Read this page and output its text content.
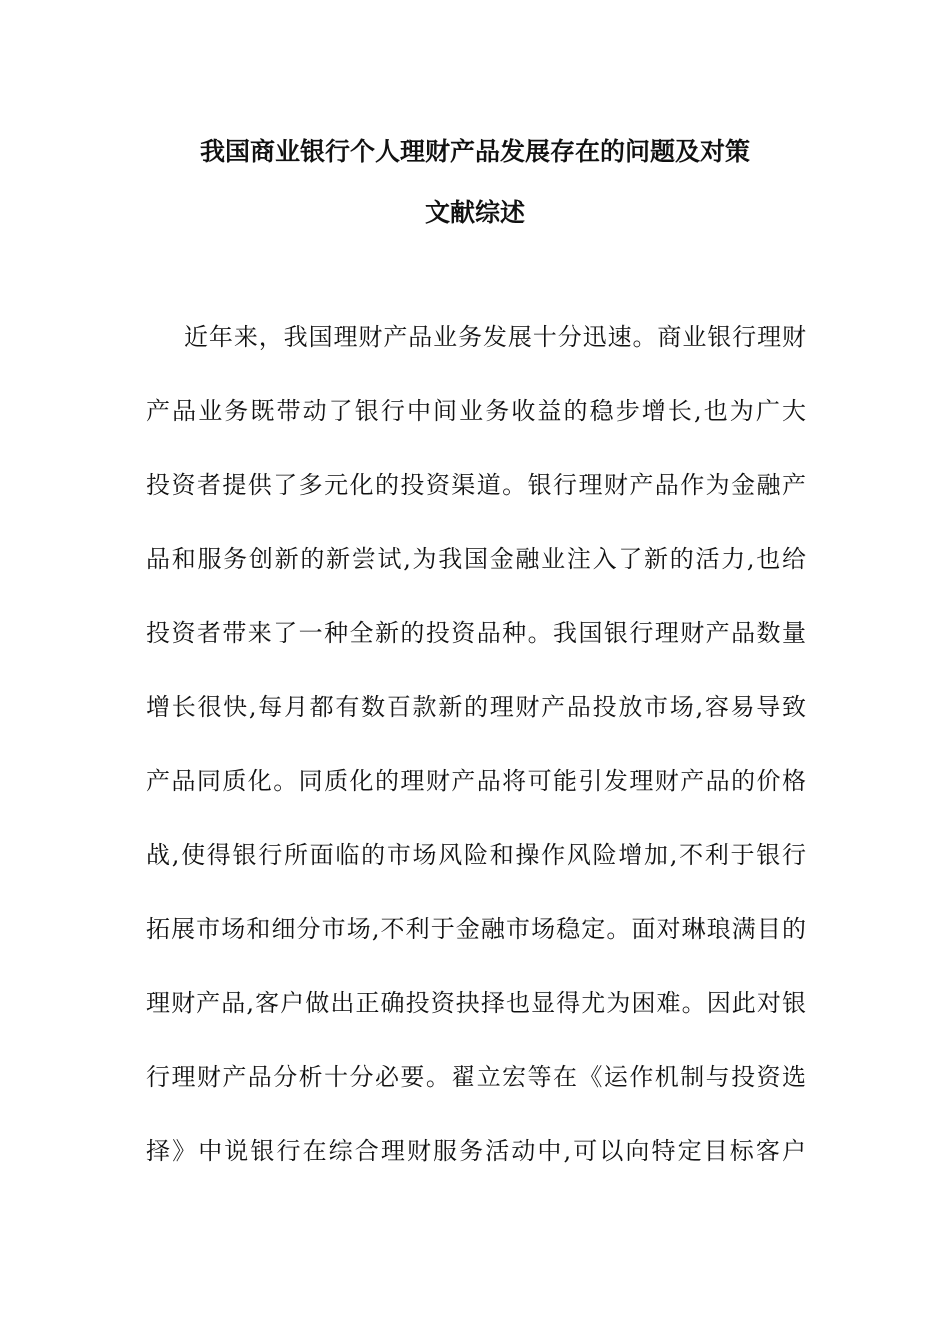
我国商业银行个人理财产品发展存在的问题及对策
文献综述
近年来，我国理财产品业务发展十分迅速。商业银行理财
产品业务既带动了银行中间业务收益的稳步增长,也为广大
投资者提供了多元化的投资渠道。银行理财产品作为金融产
品和服务创新的新尝试,为我国金融业注入了新的活力,也给
投资者带来了一种全新的投资品种。我国银行理财产品数量
增长很快,每月都有数百款新的理财产品投放市场,容易导致
产品同质化。同质化的理财产品将可能引发理财产品的价格
战,使得银行所面临的市场风险和操作风险增加,不利于银行
拓展市场和细分市场,不利于金融市场稳定。面对琳琅满目的
理财产品,客户做出正确投资抉择也显得尤为困难。因此对银
行理财产品分析十分必要。翟立宏等在《运作机制与投资选
择》中说银行在综合理财服务活动中,可以向特定目标客户
